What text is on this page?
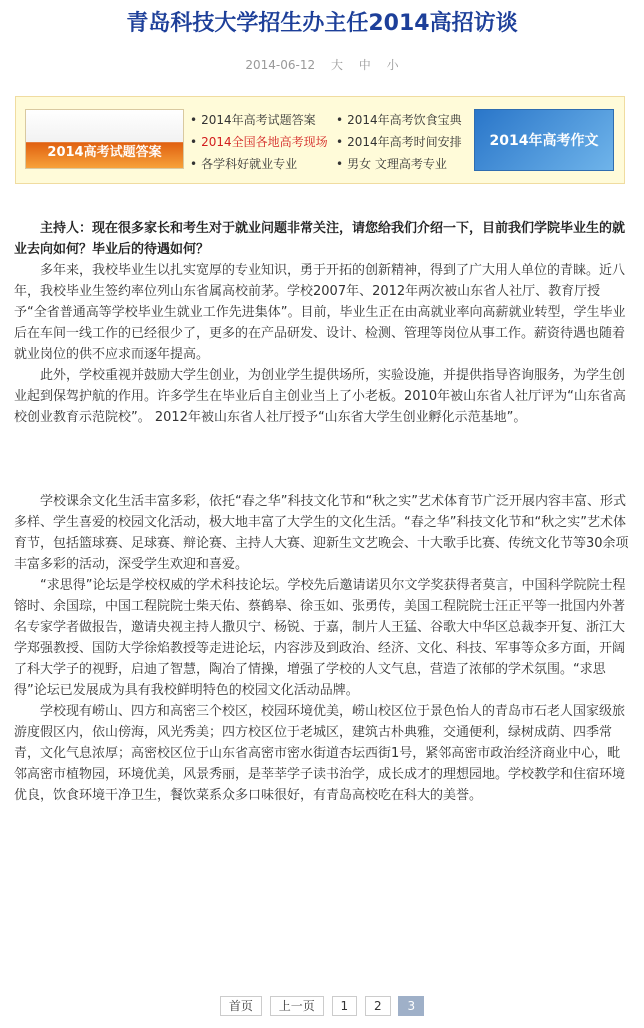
青岛科技大学招生办主任2014高招访谈
2014-06-12 大 中 小
2014高考试题答案
• 2014年高考试题答案	• 2014年高考饮食宝典
• 2014全国各地高考现场	• 2014年高考时间安排
• 各学科好就业专业	• 男女 文理高考专业
2014年高考作文

主持人：现在很多家长和考生对于就业问题非常关注，请您给我们介绍一下，目前我们学院毕业生的就业去向如何？毕业后的待遇如何？

多年来，我校毕业生以扎实宽厚的专业知识，勇于开拓的创新精神，得到了广大用人单位的青睐。近八年，我校毕业生签约率位列山东省属高校前茅。学校2007年、2012年两次被山东省人社厅、教育厅授予“全省普通高等学校毕业生就业工作先进集体”。目前，毕业生正在由高就业率向高薪就业转型，学生毕业后在车间一线工作的已经很少了，更多的在产品研发、设计、检测、管理等岗位从事工作。薪资待遇也随着就业岗位的供不应求而逐年提高。

此外，学校重视并鼓励大学生创业，为创业学生提供场所，实验设施，并提供指导咨询服务，为学生创业起到保驾护航的作用。许多学生在毕业后自主创业当上了小老板。2010年被山东省人社厅评为“山东省高校创业教育示范院校”。 2012年被山东省人社厅授予“山东省大学生创业孵化示范基地”。

学校课余文化生活丰富多彩，依托“春之华”科技文化节和“秋之实”艺术体育节广泛开展内容丰富、形式多样、学生喜爱的校园文化活动，极大地丰富了大学生的文化生活。“春之华”科技文化节和“秋之实”艺术体育节，包括篮球赛、足球赛、辩论赛、主持人大赛、迎新生文艺晚会、十大歌手比赛、传统文化节等30余项丰富多彩的活动，深受学生欢迎和喜爱。

“求思得”论坛是学校权威的学术科技论坛。学校先后邀请诺贝尔文学奖获得者莫言，中国科学院院士程镕时、余国琮，中国工程院院士柴天佑、蔡鹤皋、徐玉如、张勇传，美国工程院院士汪正平等一批国内外著名专家学者做报告，邀请央视主持人撒贝宁、杨锐、于嘉，制片人王猛、谷歌大中华区总裁李开复、浙江大学郑强教授、国防大学徐焰教授等走进论坛，内容涉及到政治、经济、文化、科技、军事等众多方面，开阔了科大学子的视野，启迪了智慧，陶冶了情操，增强了学校的人文气息，营造了浓郁的学术氛围。“求思得”论坛已发展成为具有我校鲜明特色的校园文化活动品牌。

学校现有崂山、四方和高密三个校区，校园环境优美，崂山校区位于景色怡人的青岛市石老人国家级旅游度假区内，依山傍海，风光秀美；四方校区位于老城区，建筑古朴典雅，交通便利，绿树成荫、四季常青，文化气息浓厚；高密校区位于山东省高密市密水街道杏坛西街1号，紧邻高密市政治经济商业中心，毗邻高密市植物园，环境优美，风景秀丽，是莘莘学子读书治学，成长成才的理想园地。学校教学和住宿环境优良，饮食环境干净卫生，餐饮菜系众多口味很好，有青岛高校吃在科大的美誉。

首页 上一页 1 2 3
